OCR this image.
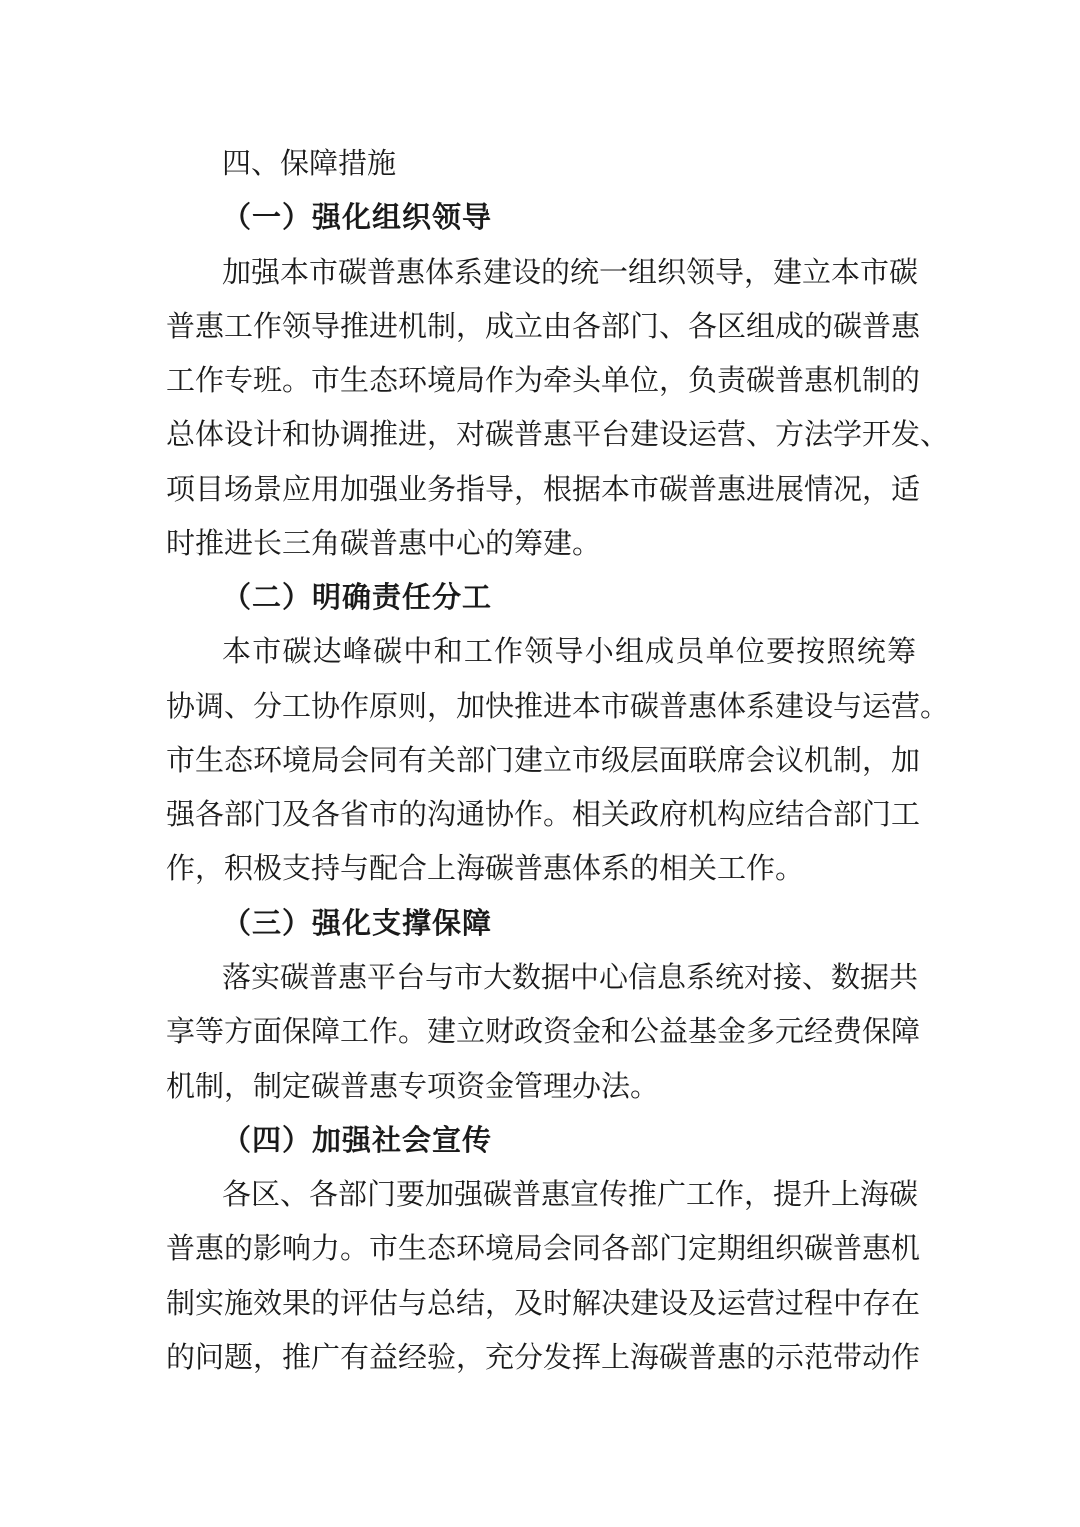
四、保障措施
（一）强化组织领导
加强本市碳普惠体系建设的统一组织领导，建立本市碳
普惠工作领导推进机制，成立由各部门、各区组成的碳普惠
工作专班。市生态环境局作为牵头单位，负责碳普惠机制的
总体设计和协调推进，对碳普惠平台建设运营、方法学开发、
项目场景应用加强业务指导，根据本市碳普惠进展情况，适
时推进长三角碳普惠中心的筹建。
（二）明确责任分工
本市碳达峰碳中和工作领导小组成员单位要按照统筹
协调、分工协作原则，加快推进本市碳普惠体系建设与运营。
市生态环境局会同有关部门建立市级层面联席会议机制，加
强各部门及各省市的沟通协作。相关政府机构应结合部门工
作，积极支持与配合上海碳普惠体系的相关工作。
（三）强化支撑保障
落实碳普惠平台与市大数据中心信息系统对接、数据共
享等方面保障工作。建立财政资金和公益基金多元经费保障
机制，制定碳普惠专项资金管理办法。
（四）加强社会宣传
各区、各部门要加强碳普惠宣传推广工作，提升上海碳
普惠的影响力。市生态环境局会同各部门定期组织碳普惠机
制实施效果的评估与总结，及时解决建设及运营过程中存在
的问题，推广有益经验，充分发挥上海碳普惠的示范带动作
